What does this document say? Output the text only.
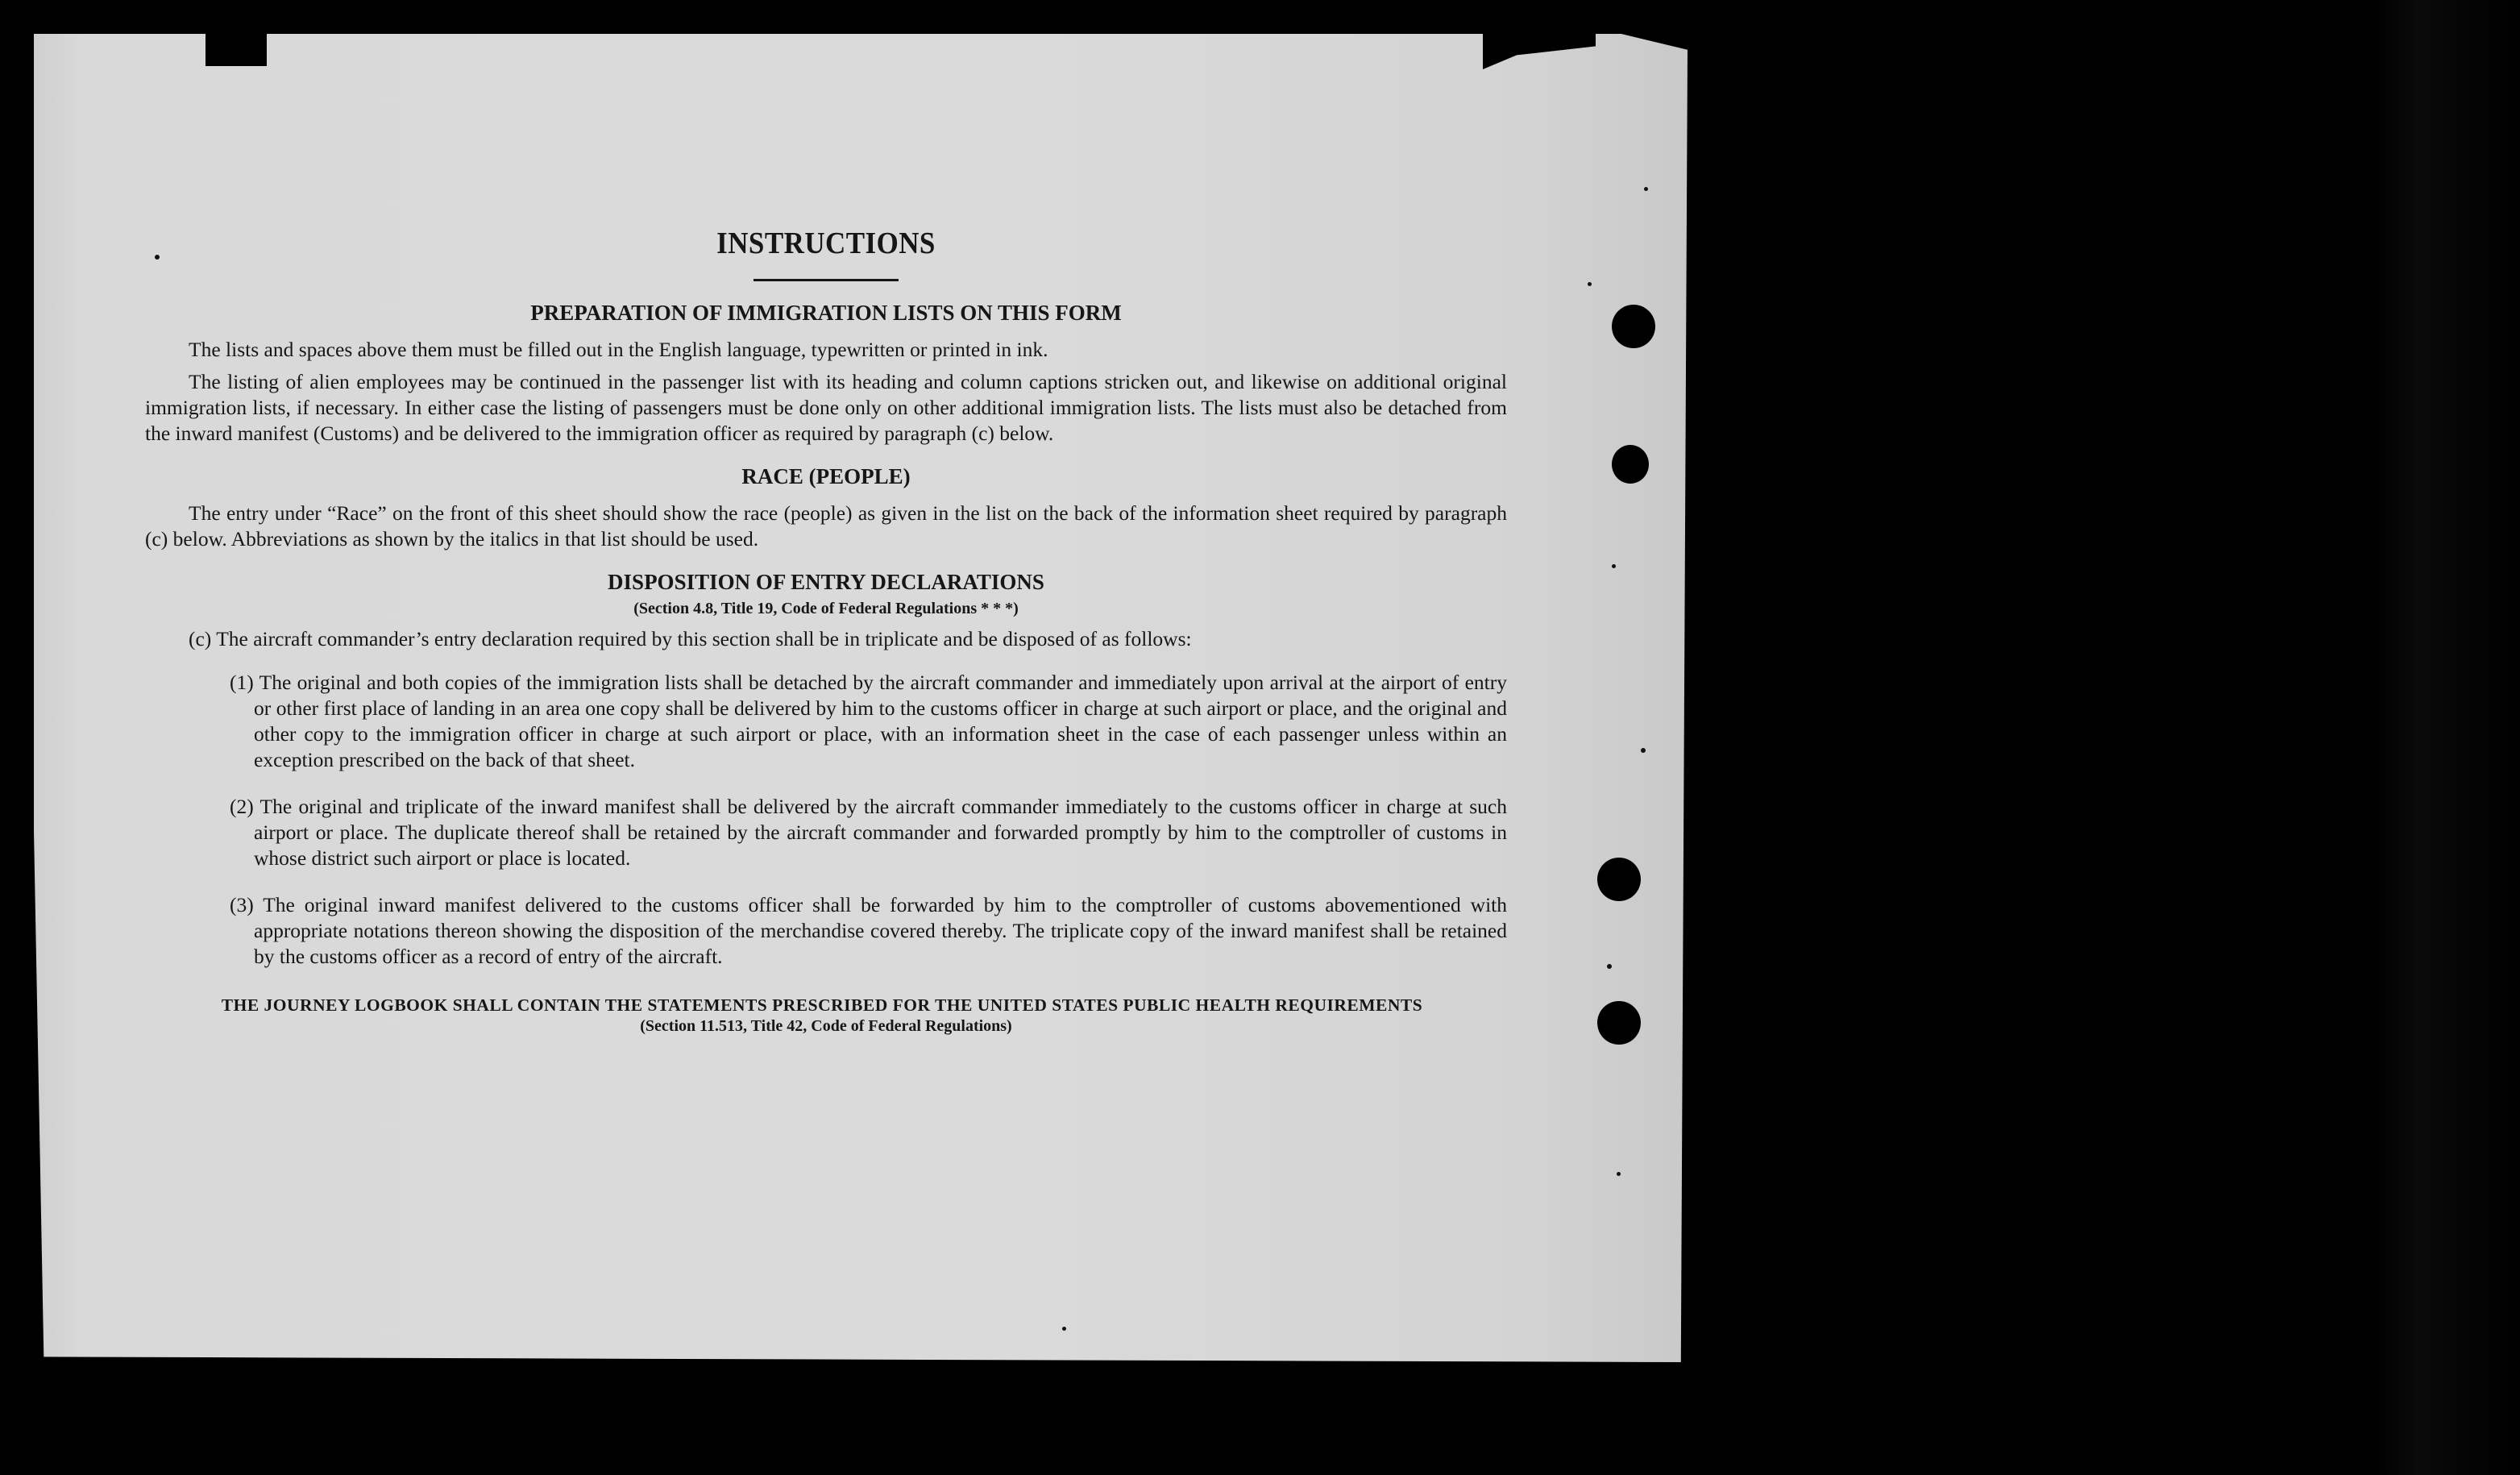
INSTRUCTIONS
PREPARATION OF IMMIGRATION LISTS ON THIS FORM

The lists and spaces above them must be filled out in the English language, typewritten or printed in ink.

The listing of alien employees may be continued in the passenger list with its heading and column captions stricken out, and likewise on additional original immigration lists, if necessary. In either case the listing of passengers must be done only on other additional immigration lists. The lists must also be detached from the inward manifest (Customs) and be delivered to the immigration officer as required by paragraph (c) below.

RACE (PEOPLE)

The entry under “Race” on the front of this sheet should show the race (people) as given in the list on the back of the information sheet required by paragraph (c) below. Abbreviations as shown by the italics in that list should be used.

DISPOSITION OF ENTRY DECLARATIONS
(Section 4.8, Title 19, Code of Federal Regulations * * *)

(c) The aircraft commander’s entry declaration required by this section shall be in triplicate and be disposed of as follows:

(1) The original and both copies of the immigration lists shall be detached by the aircraft commander and immediately upon arrival at the airport of entry or other first place of landing in an area one copy shall be delivered by him to the customs officer in charge at such airport or place, and the original and other copy to the immigration officer in charge at such airport or place, with an information sheet in the case of each passenger unless within an exception prescribed on the back of that sheet.
(2) The original and triplicate of the inward manifest shall be delivered by the aircraft commander immediately to the customs officer in charge at such airport or place. The duplicate thereof shall be retained by the aircraft commander and forwarded promptly by him to the comptroller of customs in whose district such airport or place is located.
(3) The original inward manifest delivered to the customs officer shall be forwarded by him to the comptroller of customs abovementioned with appropriate notations thereon showing the disposition of the merchandise covered thereby. The triplicate copy of the inward manifest shall be retained by the customs officer as a record of entry of the aircraft.
THE JOURNEY LOGBOOK SHALL CONTAIN THE STATEMENTS PRESCRIBED FOR THE UNITED STATES PUBLIC HEALTH REQUIREMENTS
(Section 11.513, Title 42, Code of Federal Regulations)
